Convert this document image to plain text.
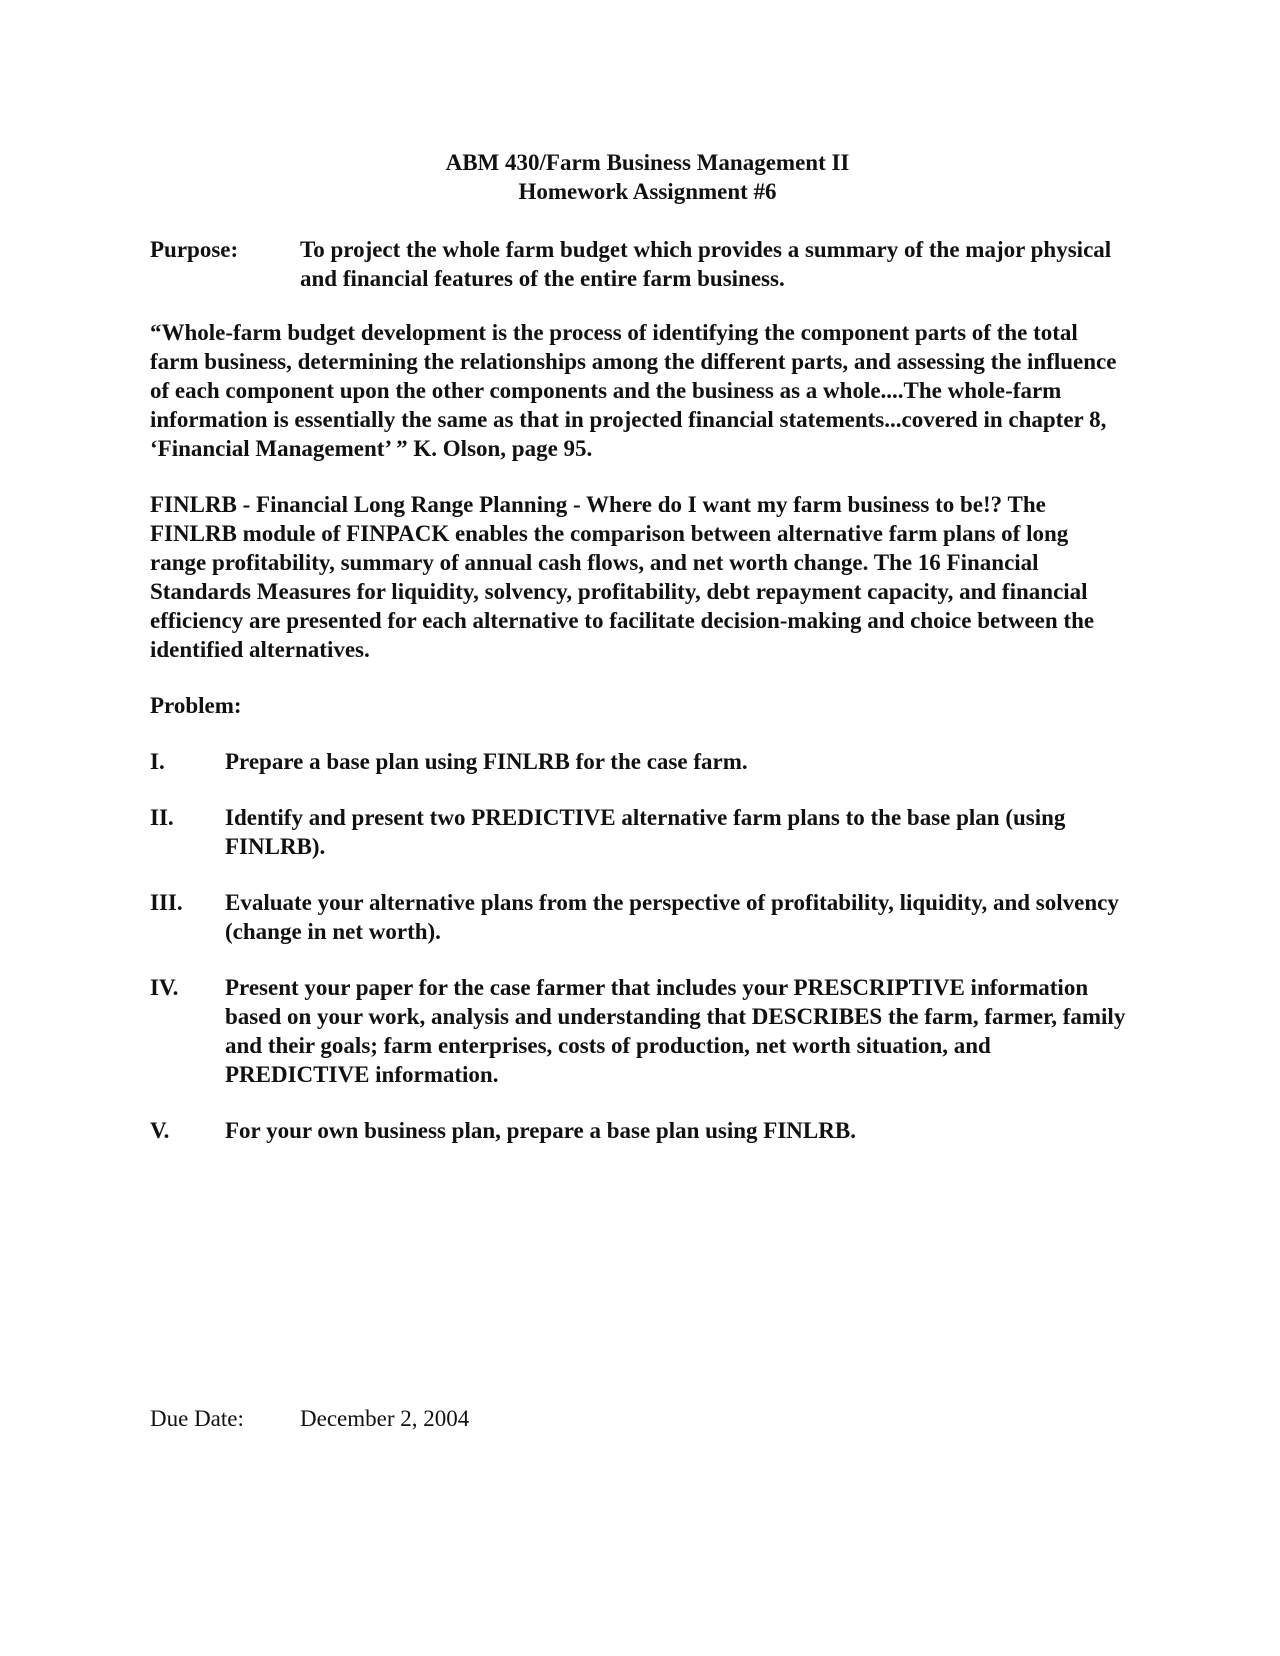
ABM 430/Farm Business Management II

Homework Assignment #6

Purpose:	To project the whole farm budget which provides a summary of the major physical and financial features of the entire farm business.

“Whole-farm budget development is the process of identifying the component parts of the total farm business, determining the relationships among the different parts, and assessing the influence of each component upon the other components and the business as a whole....The whole-farm information is essentially the same as that in projected financial statements...covered in chapter 8, ‘Financial Management’ ” K. Olson, page 95.

FINLRB - Financial Long Range Planning - Where do I want my farm business to be!? The FINLRB module of FINPACK enables the comparison between alternative farm plans of long range profitability, summary of annual cash flows, and net worth change. The 16 Financial Standards Measures for liquidity, solvency, profitability, debt repayment capacity, and financial efficiency are presented for each alternative to facilitate decision-making and choice between the identified alternatives.

Problem:

I.	Prepare a base plan using FINLRB for the case farm.
II.	Identify and present two PREDICTIVE alternative farm plans to the base plan (using FINLRB).
III.	Evaluate your alternative plans from the perspective of profitability, liquidity, and solvency (change in net worth).
IV.	Present your paper for the case farmer that includes your PRESCRIPTIVE information based on your work, analysis and understanding that DESCRIBES the farm, farmer, family and their goals; farm enterprises, costs of production, net worth situation, and PREDICTIVE information.
V.	For your own business plan, prepare a base plan using FINLRB.
Due Date:	December 2, 2004
